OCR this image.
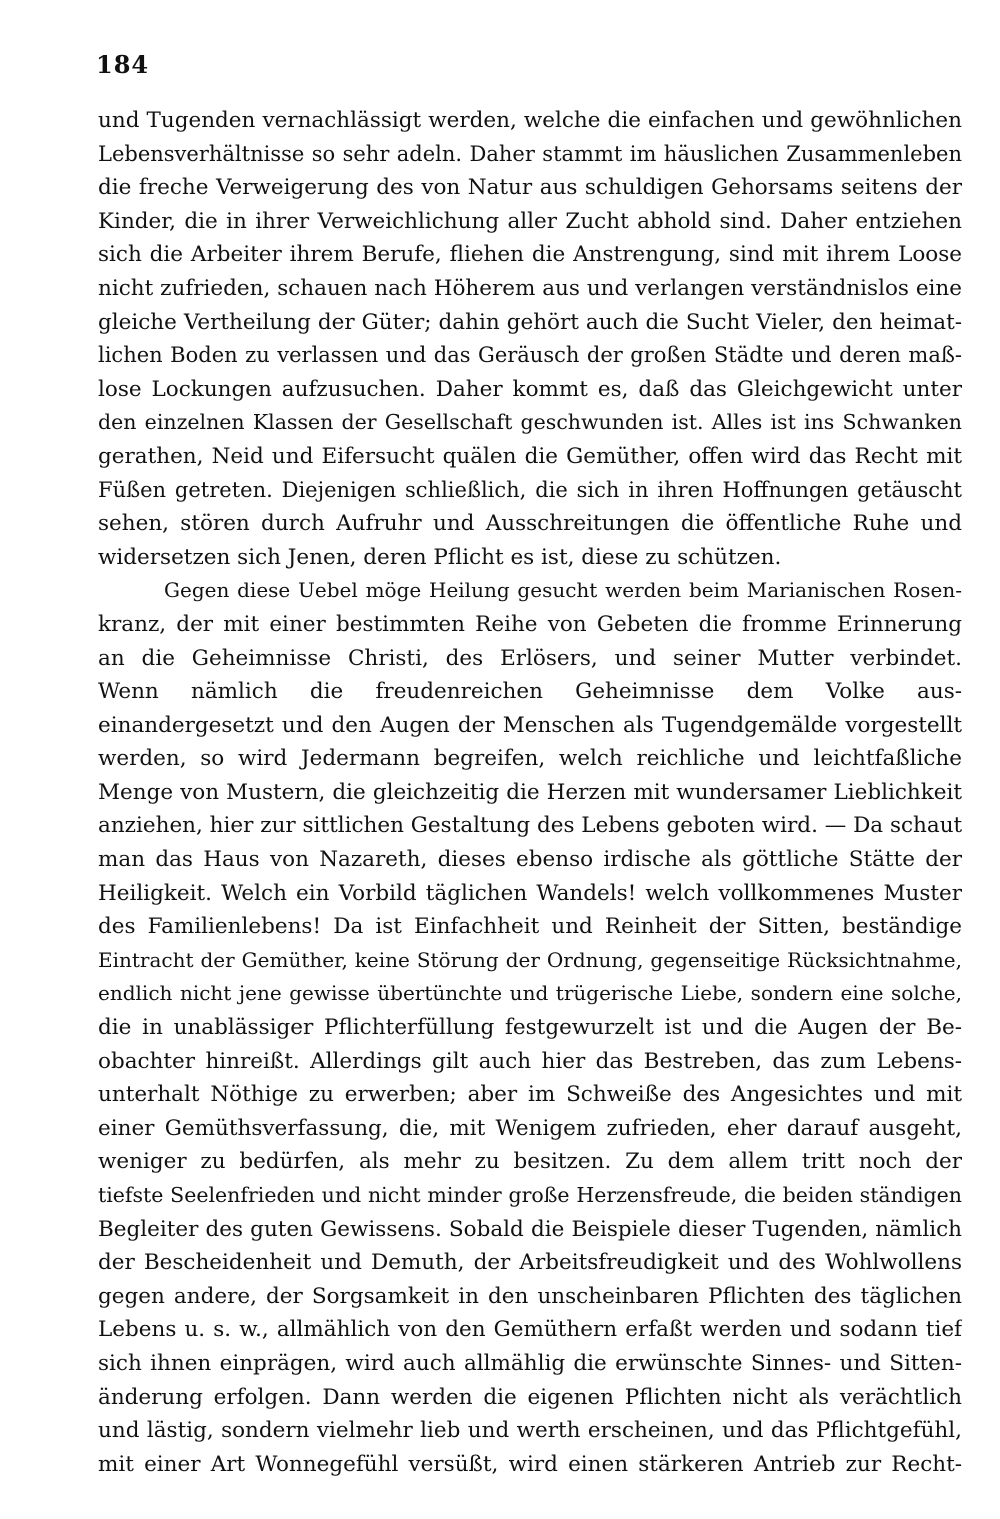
184
und Tugenden vernachlässigt werden, welche die einfachen und gewöhnlichen
Lebensverhältnisse so sehr adeln. Daher stammt im häuslichen Zusammenleben
die freche Verweigerung des von Natur aus schuldigen Gehorsams seitens der
Kinder, die in ihrer Verweichlichung aller Zucht abhold sind. Daher entziehen
sich die Arbeiter ihrem Berufe, fliehen die Anstrengung, sind mit ihrem Loose
nicht zufrieden, schauen nach Höherem aus und verlangen verständnislos eine
gleiche Vertheilung der Güter; dahin gehört auch die Sucht Vieler, den heimat-
lichen Boden zu verlassen und das Geräusch der großen Städte und deren maß-
lose Lockungen aufzusuchen. Daher kommt es, daß das Gleichgewicht unter
den einzelnen Klassen der Gesellschaft geschwunden ist. Alles ist ins Schwanken
gerathen, Neid und Eifersucht quälen die Gemüther, offen wird das Recht mit
Füßen getreten. Diejenigen schließlich, die sich in ihren Hoffnungen getäuscht
sehen, stören durch Aufruhr und Ausschreitungen die öffentliche Ruhe und
widersetzen sich Jenen, deren Pflicht es ist, diese zu schützen.
Gegen diese Uebel möge Heilung gesucht werden beim Marianischen Rosen-
kranz, der mit einer bestimmten Reihe von Gebeten die fromme Erinnerung
an die Geheimnisse Christi, des Erlösers, und seiner Mutter verbindet.
Wenn nämlich die freudenreichen Geheimnisse dem Volke aus-
einandergesetzt und den Augen der Menschen als Tugendgemälde vorgestellt
werden, so wird Jedermann begreifen, welch reichliche und leichtfaßliche
Menge von Mustern, die gleichzeitig die Herzen mit wundersamer Lieblichkeit
anziehen, hier zur sittlichen Gestaltung des Lebens geboten wird. — Da schaut
man das Haus von Nazareth, dieses ebenso irdische als göttliche Stätte der
Heiligkeit. Welch ein Vorbild täglichen Wandels! welch vollkommenes Muster
des Familienlebens! Da ist Einfachheit und Reinheit der Sitten, beständige
Eintracht der Gemüther, keine Störung der Ordnung, gegenseitige Rücksichtnahme,
endlich nicht jene gewisse übertünchte und trügerische Liebe, sondern eine solche,
die in unablässiger Pflichterfüllung festgewurzelt ist und die Augen der Be-
obachter hinreißt. Allerdings gilt auch hier das Bestreben, das zum Lebens-
unterhalt Nöthige zu erwerben; aber im Schweiße des Angesichtes und mit
einer Gemüthsverfassung, die, mit Wenigem zufrieden, eher darauf ausgeht,
weniger zu bedürfen, als mehr zu besitzen. Zu dem allem tritt noch der
tiefste Seelenfrieden und nicht minder große Herzensfreude, die beiden ständigen
Begleiter des guten Gewissens. Sobald die Beispiele dieser Tugenden, nämlich
der Bescheidenheit und Demuth, der Arbeitsfreudigkeit und des Wohlwollens
gegen andere, der Sorgsamkeit in den unscheinbaren Pflichten des täglichen
Lebens u. s. w., allmählich von den Gemüthern erfaßt werden und sodann tief
sich ihnen einprägen, wird auch allmählig die erwünschte Sinnes- und Sitten-
änderung erfolgen. Dann werden die eigenen Pflichten nicht als verächtlich
und lästig, sondern vielmehr lieb und werth erscheinen, und das Pflichtgefühl,
mit einer Art Wonnegefühl versüßt, wird einen stärkeren Antrieb zur Recht-
